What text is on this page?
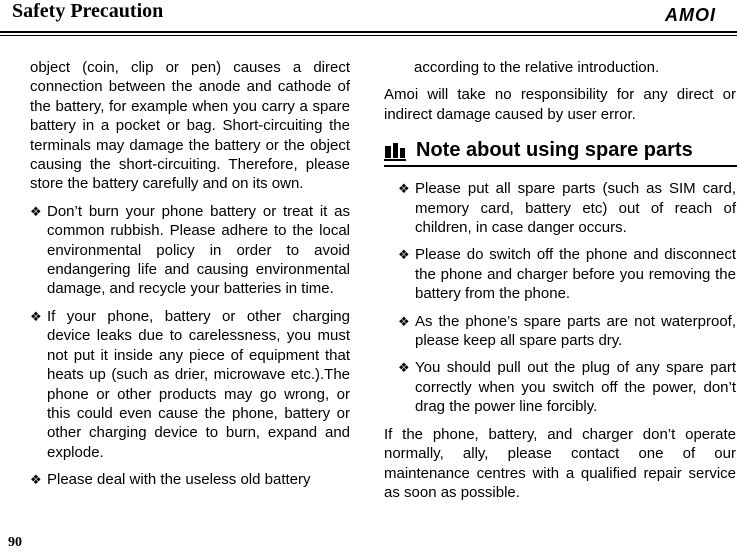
Safety Precaution	AMOI

object (coin, clip or pen) causes a direct connection between the anode and cathode of the battery, for example when you carry a spare battery in a pocket or bag. Short-circuiting the terminals may damage the battery or the object causing the short-circuiting. Therefore, please store the battery carefully and on its own.

❖ Don’t burn your phone battery or treat it as common rubbish. Please adhere to the local environmental policy in order to avoid endangering life and causing environmental damage, and recycle your batteries in time.
❖ If your phone, battery or other charging device leaks due to carelessness, you must not put it inside any piece of equipment that heats up (such as drier, microwave etc.).The phone or other products may go wrong, or this could even cause the phone, battery or other charging device to burn, expand and explode.
❖ Please deal with the useless old battery

according to the relative introduction.

Amoi will take no responsibility for any direct or indirect damage caused by user error.

Note about using spare parts
❖ Please put all spare parts (such as SIM card, memory card, battery etc) out of reach of children, in case danger occurs.
❖ Please do switch off the phone and disconnect the phone and charger before you removing the battery from the phone.
❖ As the phone’s spare parts are not waterproof, please keep all spare parts dry.
❖ You should pull out the plug of any spare part correctly when you switch off the power, don’t drag the power line forcibly.

If the phone, battery, and charger don’t operate normally, ally, please contact one of our maintenance centres with a qualified repair service as soon as possible.

90
